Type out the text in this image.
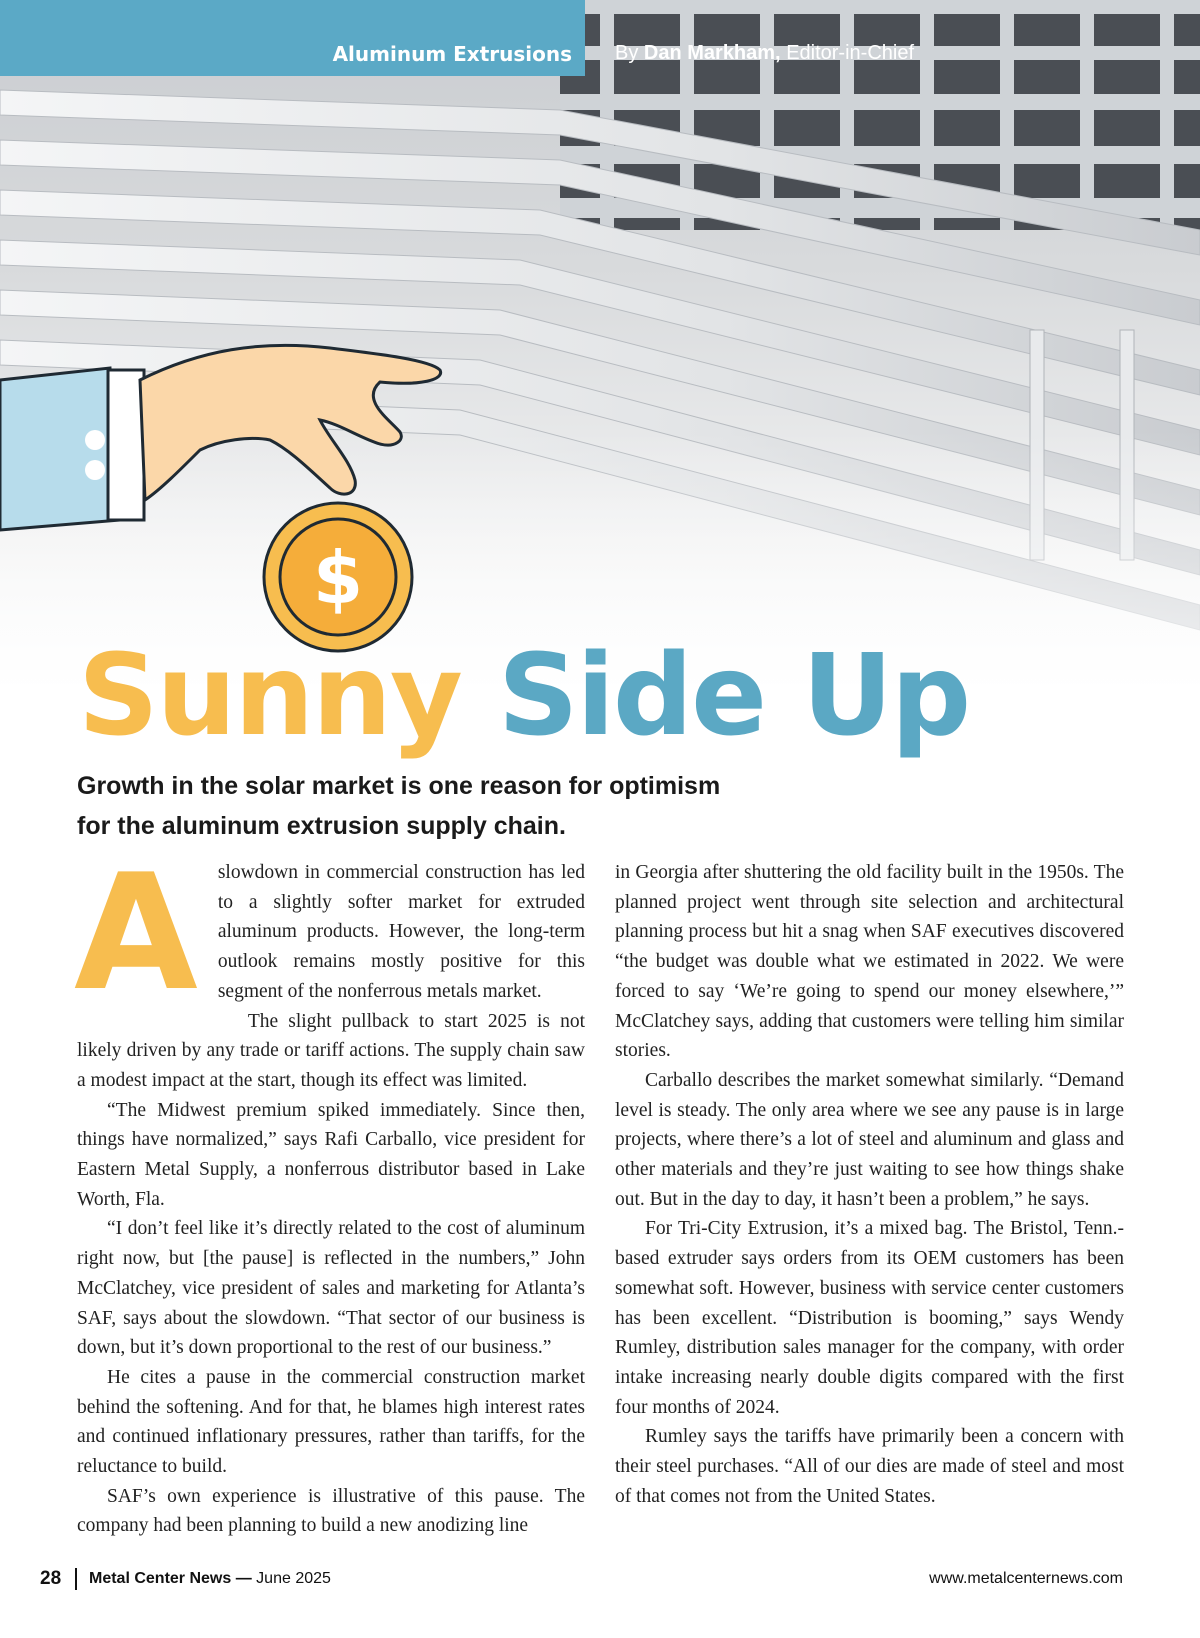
$
Aluminum Extrusions By Dan Markham, Editor-in-Chief
Sunny Side Up
Growth in the solar market is one reason for optimism
for the aluminum extrusion supply chain.

A slowdown in commercial construction has led to a slightly softer market for extruded aluminum products. However, the long-term outlook remains mostly positive for this segment of the nonferrous metals market.

The slight pullback to start 2025 is not likely driven by any trade or tariff actions. The supply chain saw a modest impact at the start, though its effect was limited.

“The Midwest premium spiked immediately. Since then, things have normalized,” says Rafi Carballo, vice president for Eastern Metal Supply, a nonferrous distributor based in Lake Worth, Fla.

“I don’t feel like it’s directly related to the cost of aluminum right now, but [the pause] is reflected in the numbers,” John McClatchey, vice president of sales and marketing for Atlanta’s SAF, says about the slowdown. “That sector of our business is down, but it’s down proportional to the rest of our business.”

He cites a pause in the commercial construction market behind the softening. And for that, he blames high interest rates and continued inflationary pressures, rather than tariffs, for the reluctance to build.

SAF’s own experience is illustrative of this pause. The company had been planning to build a new anodizing line

in Georgia after shuttering the old facility built in the 1950s. The planned project went through site selection and architectural planning process but hit a snag when SAF executives discovered “the budget was double what we estimated in 2022. We were forced to say ‘We’re going to spend our money elsewhere,’” McClatchey says, adding that customers were telling him similar stories.

Carballo describes the market somewhat similarly. “Demand level is steady. The only area where we see any pause is in large projects, where there’s a lot of steel and aluminum and glass and other materials and they’re just waiting to see how things shake out. But in the day to day, it hasn’t been a problem,” he says.

For Tri-City Extrusion, it’s a mixed bag. The Bristol, Tenn.-based extruder says orders from its OEM customers has been somewhat soft. However, business with service center customers has been excellent. “Distribution is booming,” says Wendy Rumley, distribution sales manager for the company, with order intake increasing nearly double digits compared with the first four months of 2024.

Rumley says the tariffs have primarily been a concern with their steel purchases. “All of our dies are made of steel and most of that comes not from the United States.

28 Metal Center News — June 2025	www.metalcenternews.com
